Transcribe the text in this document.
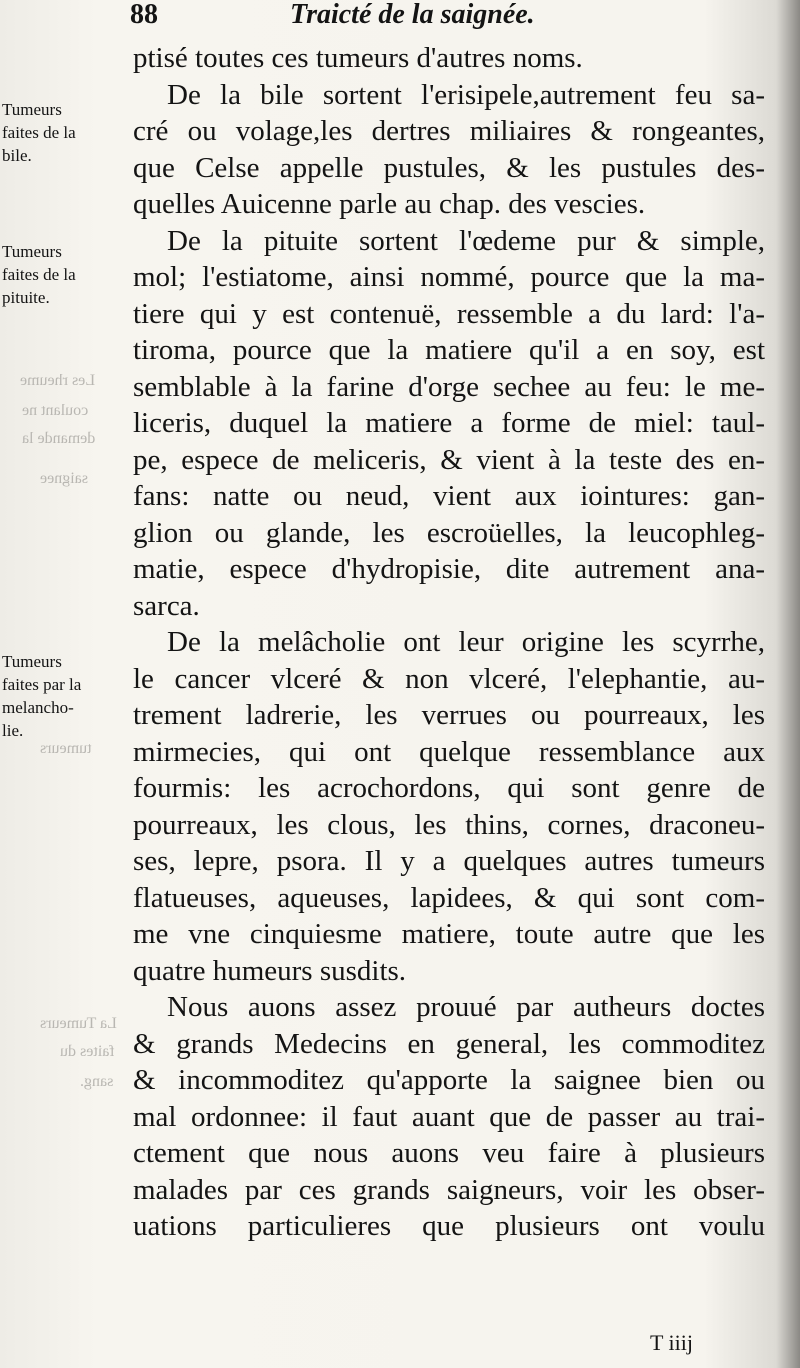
Les rheume
coulant ne
demande la
saignee
tumeurs
La Tumeurs
faites du
sang.
88	Traicté de la saignée.
Tumeurs
faites de la
bile.
Tumeurs
faites de la
pituite.
Tumeurs
faites par la
melancho-
lie.
ptisé toutes ces tumeurs d'autres noms.
De la bile sortent l'erisipele,autrement feu sa-
cré ou volage,les dertres miliaires & rongeantes,
que Celse appelle pustules, & les pustules des-
quelles Auicenne parle au chap. des vescies.
De la pituite sortent l'œdeme pur & simple,
mol; l'estiatome, ainsi nommé, pource que la ma-
tiere qui y est contenuë, ressemble a du lard: l'a-
tiroma, pource que la matiere qu'il a en soy, est
semblable à la farine d'orge sechee au feu: le me-
liceris, duquel la matiere a forme de miel: taul-
pe, espece de meliceris, & vient à la teste des en-
fans: natte ou neud, vient aux iointures: gan-
glion ou glande, les escroüelles, la leucophleg-
matie, espece d'hydropisie, dite autrement ana-
sarca.
De la melâcholie ont leur origine les scyrrhe,
le cancer vlceré & non vlceré, l'elephantie, au-
trement ladrerie, les verrues ou pourreaux, les
mirmecies, qui ont quelque ressemblance aux
fourmis: les acrochordons, qui sont genre de
pourreaux, les clous, les thins, cornes, draconeu-
ses, lepre, psora. Il y a quelques autres tumeurs
flatueuses, aqueuses, lapidees, & qui sont com-
me vne cinquiesme matiere, toute autre que les
quatre humeurs susdits.
Nous auons assez prouué par autheurs doctes
& grands Medecins en general, les commoditez
& incommoditez qu'apporte la saignee bien ou
mal ordonnee: il faut auant que de passer au trai-
ctement que nous auons veu faire à plusieurs
malades par ces grands saigneurs, voir les obser-
uations particulieres que plusieurs ont voulu
T iiij
